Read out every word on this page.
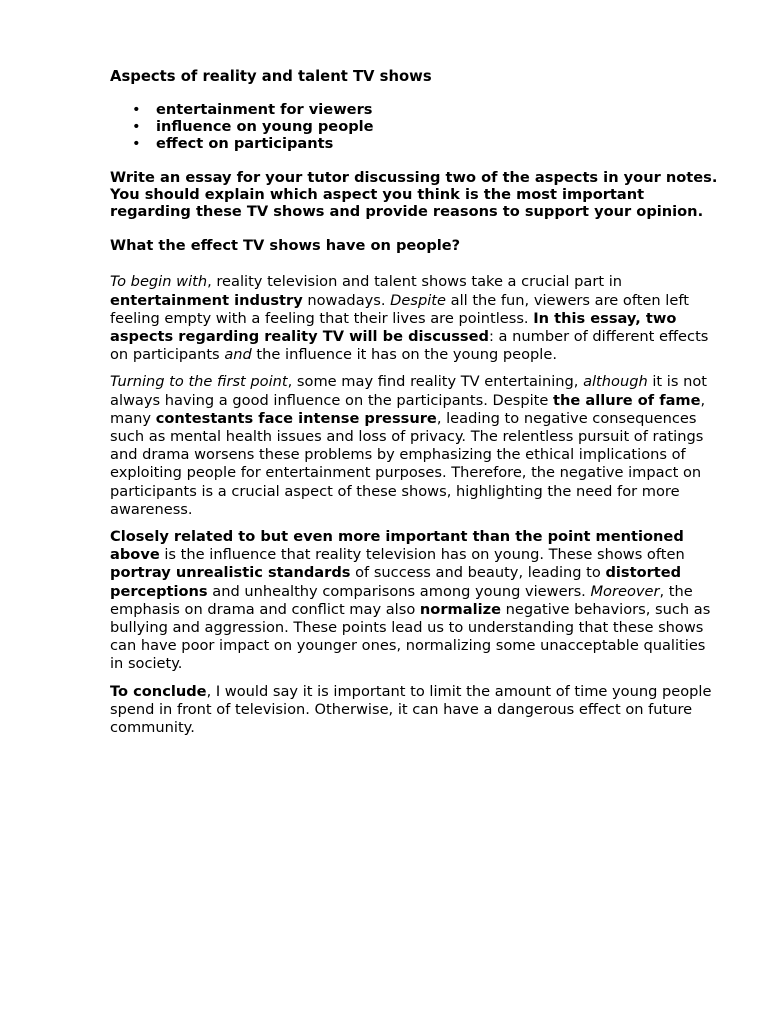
Aspects of reality and talent TV shows

• entertainment for viewers
• influence on young people
• effect on participants

Write an essay for your tutor discussing two of the aspects in your notes. You should explain which aspect you think is the most important regarding these TV shows and provide reasons to support your opinion.

What the effect TV shows have on people?

To begin with, reality television and talent shows take a crucial part in entertainment industry nowadays. Despite all the fun, viewers are often left feeling empty with a feeling that their lives are pointless. In this essay, two aspects regarding reality TV will be discussed: a number of different effects on participants and the influence it has on the young people.

Turning to the first point, some may find reality TV entertaining, although it is not always having a good influence on the participants. Despite the allure of fame, many contestants face intense pressure, leading to negative consequences such as mental health issues and loss of privacy. The relentless pursuit of ratings and drama worsens these problems by emphasizing the ethical implications of exploiting people for entertainment purposes. Therefore, the negative impact on participants is a crucial aspect of these shows, highlighting the need for more awareness.

Closely related to but even more important than the point mentioned above is the influence that reality television has on young. These shows often portray unrealistic standards of success and beauty, leading to distorted perceptions and unhealthy comparisons among young viewers. Moreover, the emphasis on drama and conflict may also normalize negative behaviors, such as bullying and aggression. These points lead us to understanding that these shows can have poor impact on younger ones, normalizing some unacceptable qualities in society.

To conclude, I would say it is important to limit the amount of time young people spend in front of television. Otherwise, it can have a dangerous effect on future community.
